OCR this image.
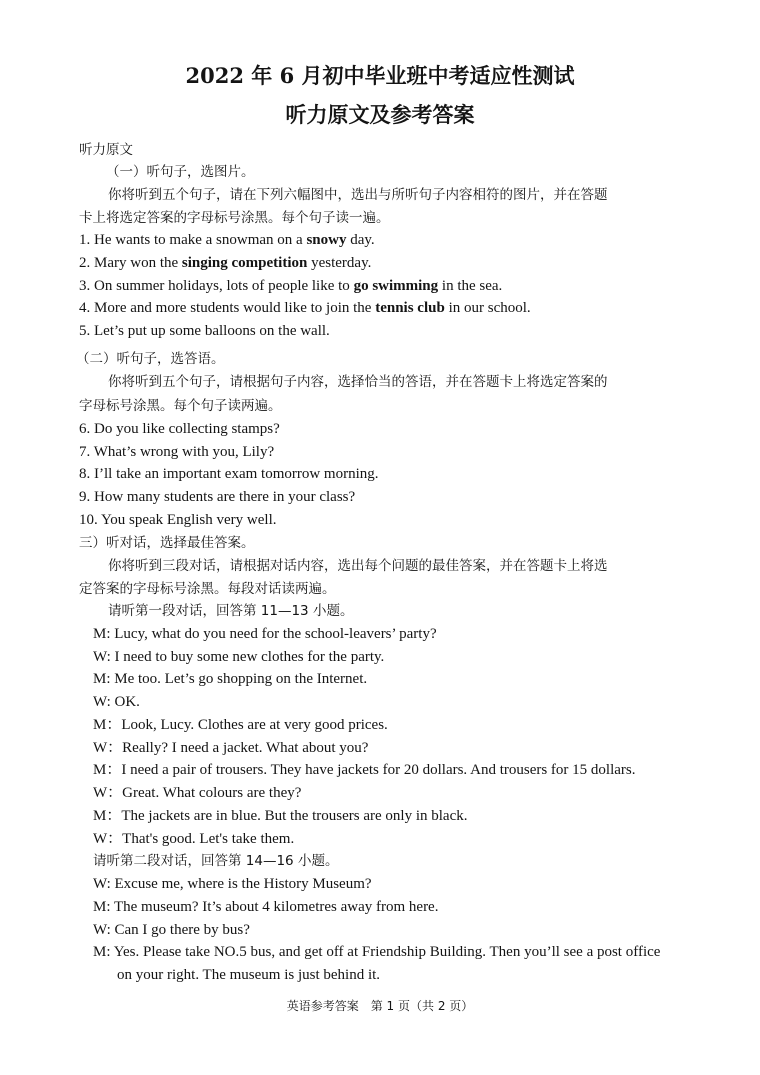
2022 年 6 月初中毕业班中考适应性测试
听力原文及参考答案
听力原文
（一）听句子，选图片。
你将听到五个句子，请在下列六幅图中，选出与所听句子内容相符的图片，并在答题
卡上将选定答案的字母标号涂黑。每个句子读一遍。
1. He wants to make a snowman on a snowy day.
2. Mary won the singing competition yesterday.
3. On summer holidays, lots of people like to go swimming in the sea.
4. More and more students would like to join the tennis club in our school.
5. Let’s put up some balloons on the wall.
（二）听句子，选答语。
你将听到五个句子，请根据句子内容，选择恰当的答语，并在答题卡上将选定答案的
字母标号涂黑。每个句子读两遍。
6. Do you like collecting stamps?
7. What’s wrong with you, Lily?
8. I’ll take an important exam tomorrow morning.
9. How many students are there in your class?
10. You speak English very well.
三）听对话，选择最佳答案。
你将听到三段对话，请根据对话内容，选出每个问题的最佳答案，并在答题卡上将选
定答案的字母标号涂黑。每段对话读两遍。
请听第一段对话，回答第 11—13 小题。
M: Lucy, what do you need for the school-leavers’ party?
W: I need to buy some new clothes for the party.
M: Me too. Let’s go shopping on the Internet.
W: OK.
M：Look, Lucy. Clothes are at very good prices.
W：Really? I need a jacket. What about you?
M：I need a pair of trousers. They have jackets for 20 dollars. And trousers for 15 dollars.
W：Great. What colours are they?
M：The jackets are in blue. But the trousers are only in black.
W：That's good. Let's take them.
请听第二段对话，回答第 14—16 小题。
W: Excuse me, where is the History Museum?
M: The museum? It’s about 4 kilometres away from here.
W: Can I go there by bus?
M: Yes. Please take NO.5 bus, and get off at Friendship Building. Then you’ll see a post office
on your right. The museum is just behind it.
英语参考答案　第 1 页（共 2 页）
